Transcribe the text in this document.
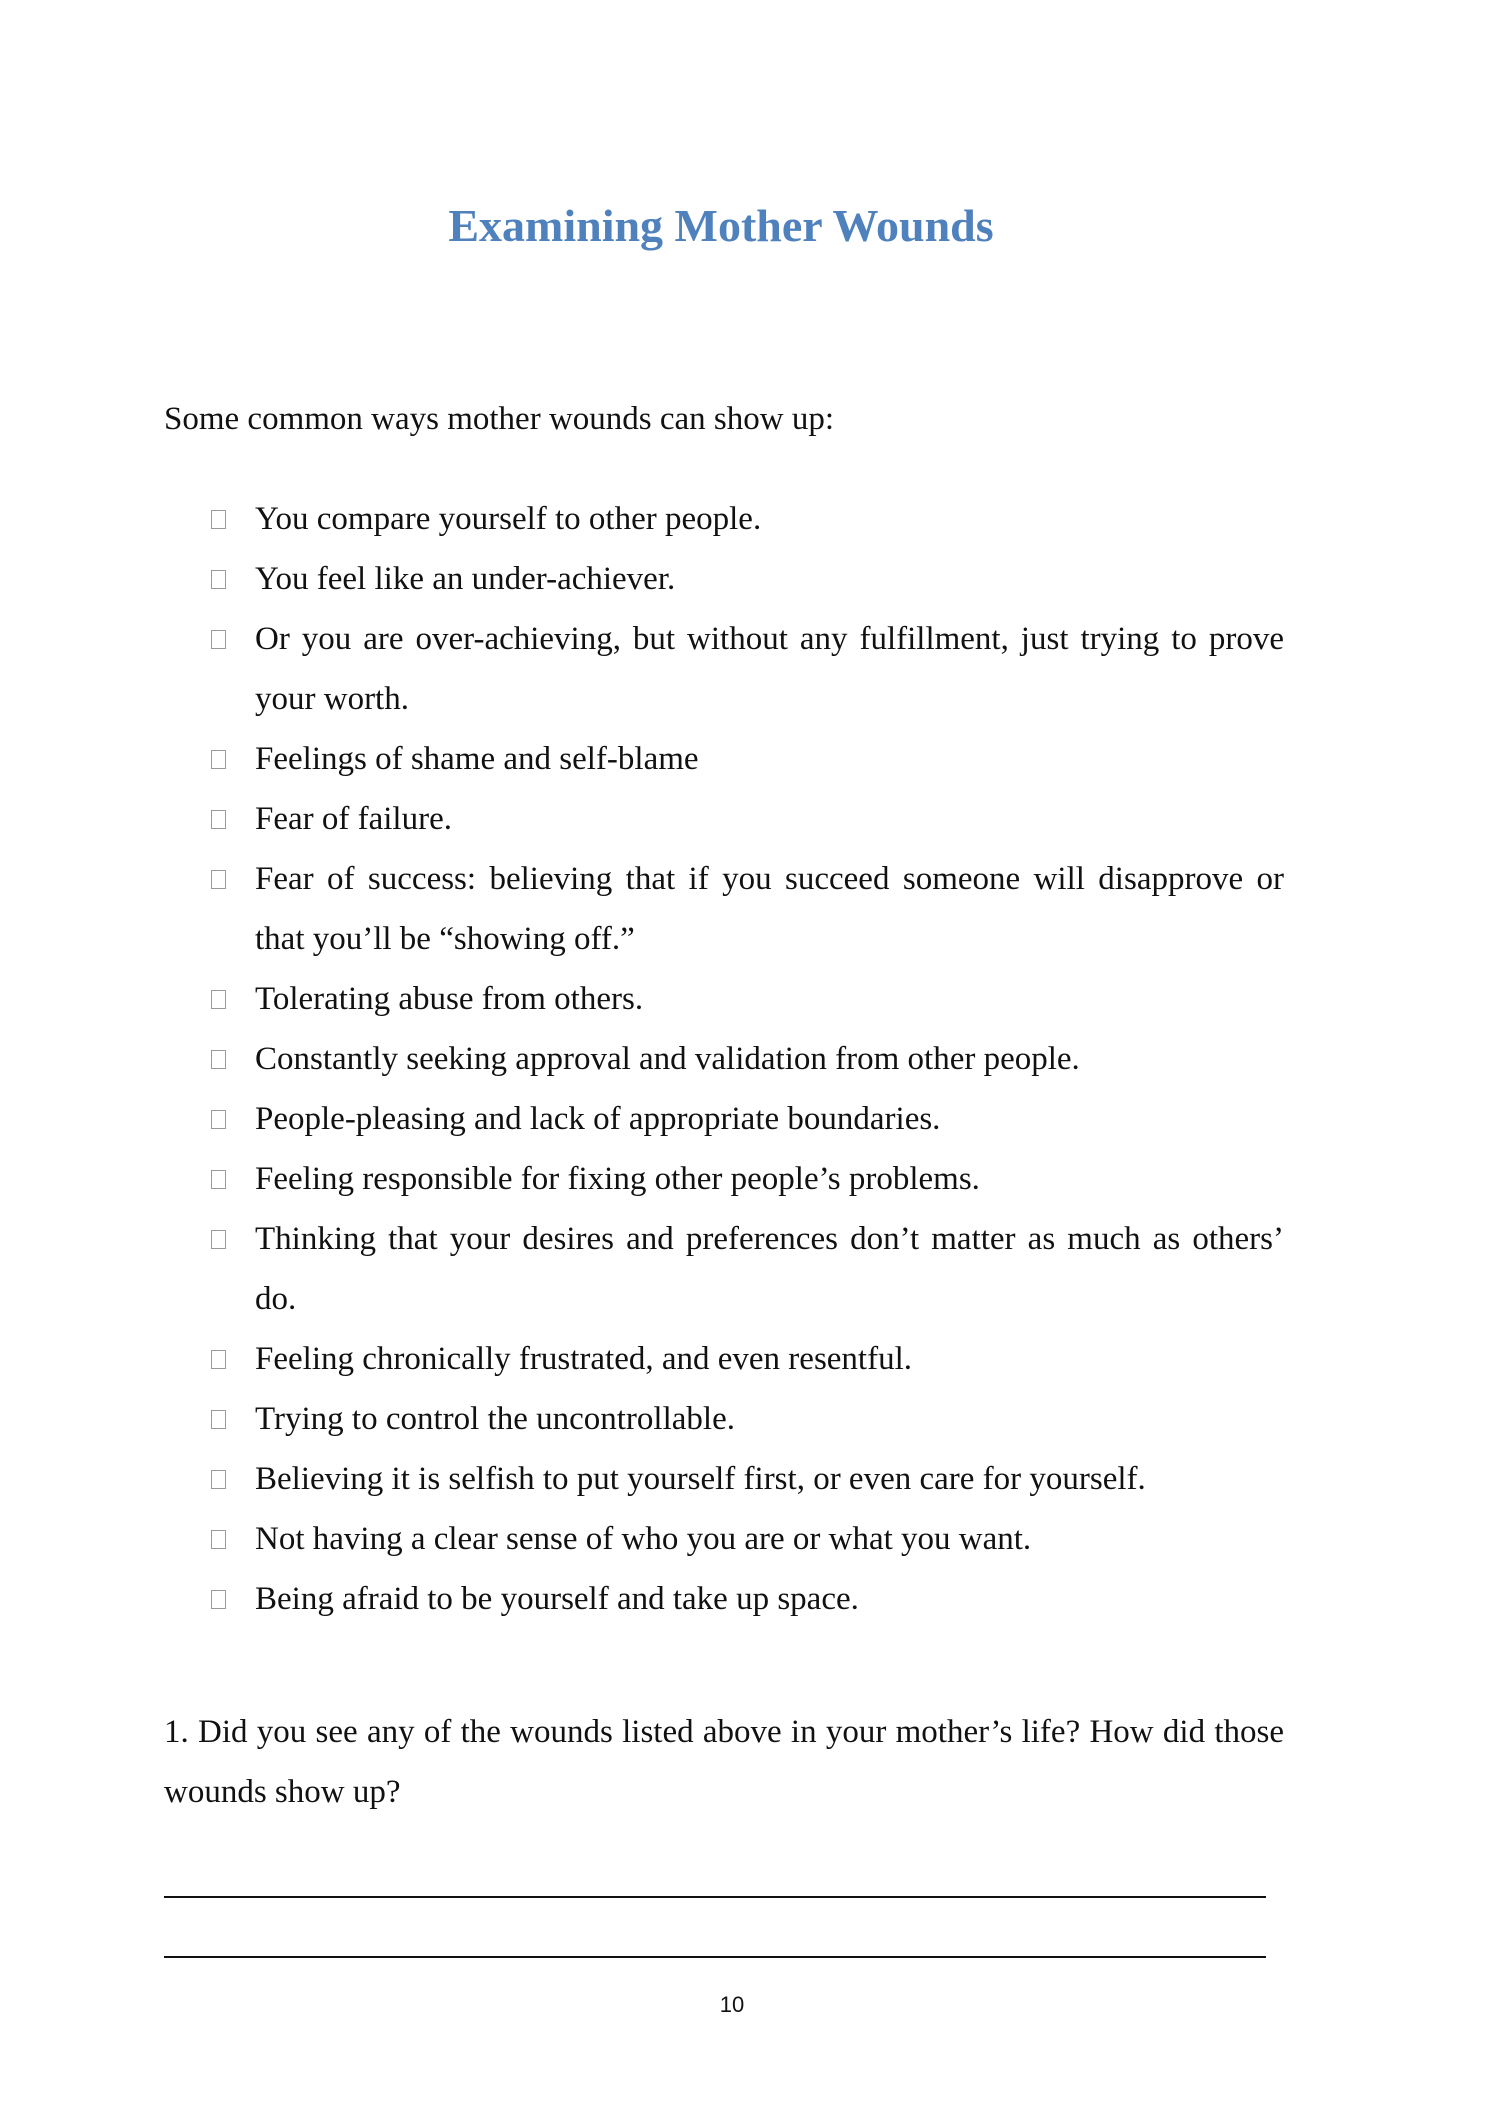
Examining Mother Wounds
Some common ways mother wounds can show up:
You compare yourself to other people.
You feel like an under-achiever.
Or you are over-achieving, but without any fulfillment, just trying to prove your worth.
Feelings of shame and self-blame
Fear of failure.
Fear of success: believing that if you succeed someone will disapprove or that you’ll be “showing off.”
Tolerating abuse from others.
Constantly seeking approval and validation from other people.
People-pleasing and lack of appropriate boundaries.
Feeling responsible for fixing other people’s problems.
Thinking that your desires and preferences don’t matter as much as others’ do.
Feeling chronically frustrated, and even resentful.
Trying to control the uncontrollable.
Believing it is selfish to put yourself first, or even care for yourself.
Not having a clear sense of who you are or what you want.
Being afraid to be yourself and take up space.
1. Did you see any of the wounds listed above in your mother’s life? How did those wounds show up?
10
